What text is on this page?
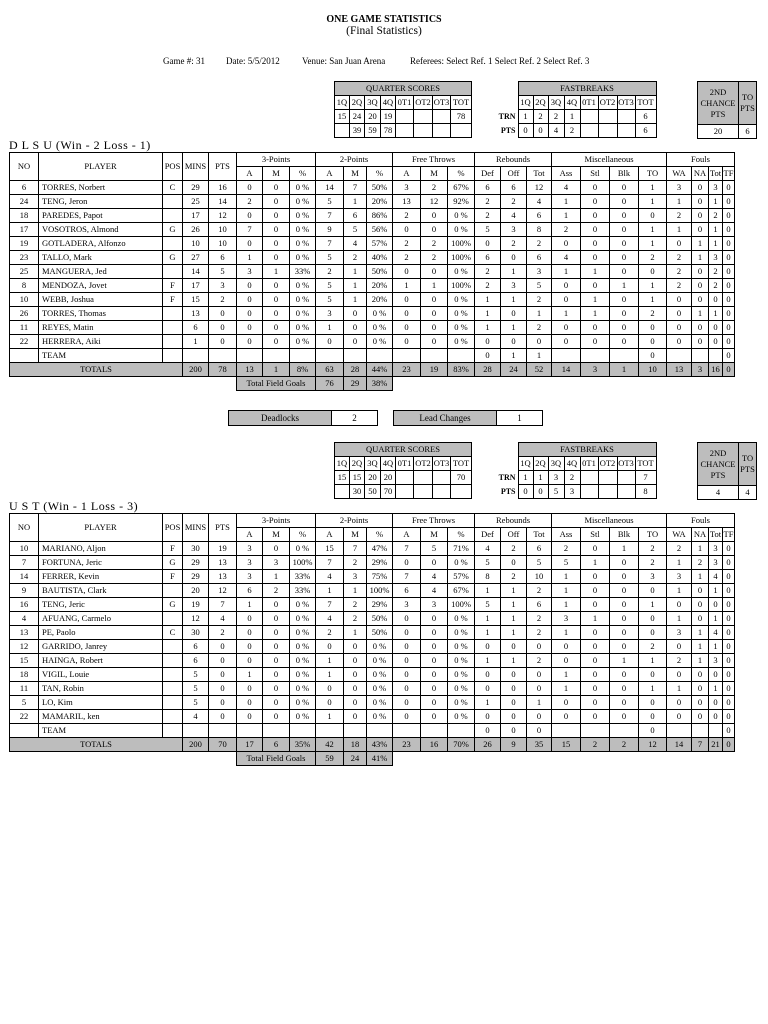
ONE GAME STATISTICS
(Final Statistics)
Game #: 31 Date: 5/5/2012 Venue: San Juan Arena	Referees: Select Ref. 1 Select Ref. 2 Select Ref. 3
QUARTER SCORES							
1Q	2Q	3Q	4Q	0T1	OT2	OT3	TOT
15	24	20	19				78
	39	59	78				
	FASTBREAKS							
	1Q	2Q	3Q	4Q	0T1	OT2	OT3	TOT
TRN	1	2	2	1				6
PTS	0	0	4	2				6
2ND CHANCE PTS	TO PTS
20	6
D L S U (Win - 2 Loss - 1)
NO	PLAYER	POS	MINS	PTS	3-Points			2-Points			Free Throws			Rebounds			Miscellaneous				Fouls			
					A	M	%	A	M	%	A	M	%	Def	Off	Tot	Ass	Stl	Blk	TO	WA	NA	Tot	TF
6	TORRES, Norbert	C	29	16	0	0	0 %	14	7	50%	3	2	67%	6	6	12	4	0	0	1	3	0	3	0
24	TENG, Jeron		25	14	2	0	0 %	5	1	20%	13	12	92%	2	2	4	1	0	0	1	1	0	1	0
18	PAREDES, Papot		17	12	0	0	0 %	7	6	86%	2	0	0 %	2	4	6	1	0	0	0	2	0	2	0
17	VOSOTROS, Almond	G	26	10	7	0	0 %	9	5	56%	0	0	0 %	5	3	8	2	0	0	1	1	0	1	0
19	GOTLADERA, Alfonzo		10	10	0	0	0 %	7	4	57%	2	2	100%	0	2	2	0	0	0	1	0	1	1	0
23	TALLO, Mark	G	27	6	1	0	0 %	5	2	40%	2	2	100%	6	0	6	4	0	0	2	2	1	3	0
25	MANGUERA, Jed		14	5	3	1	33%	2	1	50%	0	0	0 %	2	1	3	1	1	0	0	2	0	2	0
8	MENDOZA, Jovet	F	17	3	0	0	0 %	5	1	20%	1	1	100%	2	3	5	0	0	1	1	2	0	2	0
10	WEBB, Joshua	F	15	2	0	0	0 %	5	1	20%	0	0	0 %	1	1	2	0	1	0	1	0	0	0	0
26	TORRES, Thomas		13	0	0	0	0 %	3	0	0 %	0	0	0 %	1	0	1	1	1	0	2	0	1	1	0
11	REYES, Matin		6	0	0	0	0 %	1	0	0 %	0	0	0 %	1	1	2	0	0	0	0	0	0	0	0
22	HERRERA, Aiki		1	0	0	0	0 %	0	0	0 %	0	0	0 %	0	0	0	0	0	0	0	0	0	0	0
	TEAM													0	1	1				0				0
TOTALS			200	78	13	1	8%	63	28	44%	23	19	83%	28	24	52	14	3	1	10	13	3	16	0
					Total Field Goals			76	29	38%														
QUARTER SCORES							
1Q	2Q	3Q	4Q	0T1	OT2	OT3	TOT
15	15	20	20				70
	30	50	70				
	FASTBREAKS							
	1Q	2Q	3Q	4Q	0T1	OT2	OT3	TOT
TRN	1	1	3	2				7
PTS	0	0	5	3				8
2ND CHANCE PTS	TO PTS
4	4
U S T (Win - 1 Loss - 3)
NO	PLAYER	POS	MINS	PTS	3-Points			2-Points			Free Throws			Rebounds			Miscellaneous				Fouls			
					A	M	%	A	M	%	A	M	%	Def	Off	Tot	Ass	Stl	Blk	TO	WA	NA	Tot	TF
10	MARIANO, Aljon	F	30	19	3	0	0 %	15	7	47%	7	5	71%	4	2	6	2	0	1	2	2	1	3	0
7	FORTUNA, Jeric	G	29	13	3	3	100%	7	2	29%	0	0	0 %	5	0	5	5	1	0	2	1	2	3	0
14	FERRER, Kevin	F	29	13	3	1	33%	4	3	75%	7	4	57%	8	2	10	1	0	0	3	3	1	4	0
9	BAUTISTA, Clark		20	12	6	2	33%	1	1	100%	6	4	67%	1	1	2	1	0	0	0	1	0	1	0
16	TENG, Jeric	G	19	7	1	0	0 %	7	2	29%	3	3	100%	5	1	6	1	0	0	1	0	0	0	0
4	AFUANG, Carmelo		12	4	0	0	0 %	4	2	50%	0	0	0 %	1	1	2	3	1	0	0	1	0	1	0
13	PE, Paolo	C	30	2	0	0	0 %	2	1	50%	0	0	0 %	1	1	2	1	0	0	0	3	1	4	0
12	GARRIDO, Janrey		6	0	0	0	0 %	0	0	0 %	0	0	0 %	0	0	0	0	0	0	2	0	1	1	0
15	HAINGA, Robert		6	0	0	0	0 %	1	0	0 %	0	0	0 %	1	1	2	0	0	1	1	2	1	3	0
18	VIGIL, Louie		5	0	1	0	0 %	1	0	0 %	0	0	0 %	0	0	0	1	0	0	0	0	0	0	0
11	TAN, Robin		5	0	0	0	0 %	0	0	0 %	0	0	0 %	0	0	0	1	0	0	1	1	0	1	0
5	LO, Kim		5	0	0	0	0 %	0	0	0 %	0	0	0 %	1	0	1	0	0	0	0	0	0	0	0
22	MAMARIL, ken		4	0	0	0	0 %	1	0	0 %	0	0	0 %	0	0	0	0	0	0	0	0	0	0	0
	TEAM													0	0	0				0				0
TOTALS			200	70	17	6	35%	42	18	43%	23	16	70%	26	9	35	15	2	2	12	14	7	21	0
					Total Field Goals			59	24	41%														
Deadlocks	2	Lead Changes	1
